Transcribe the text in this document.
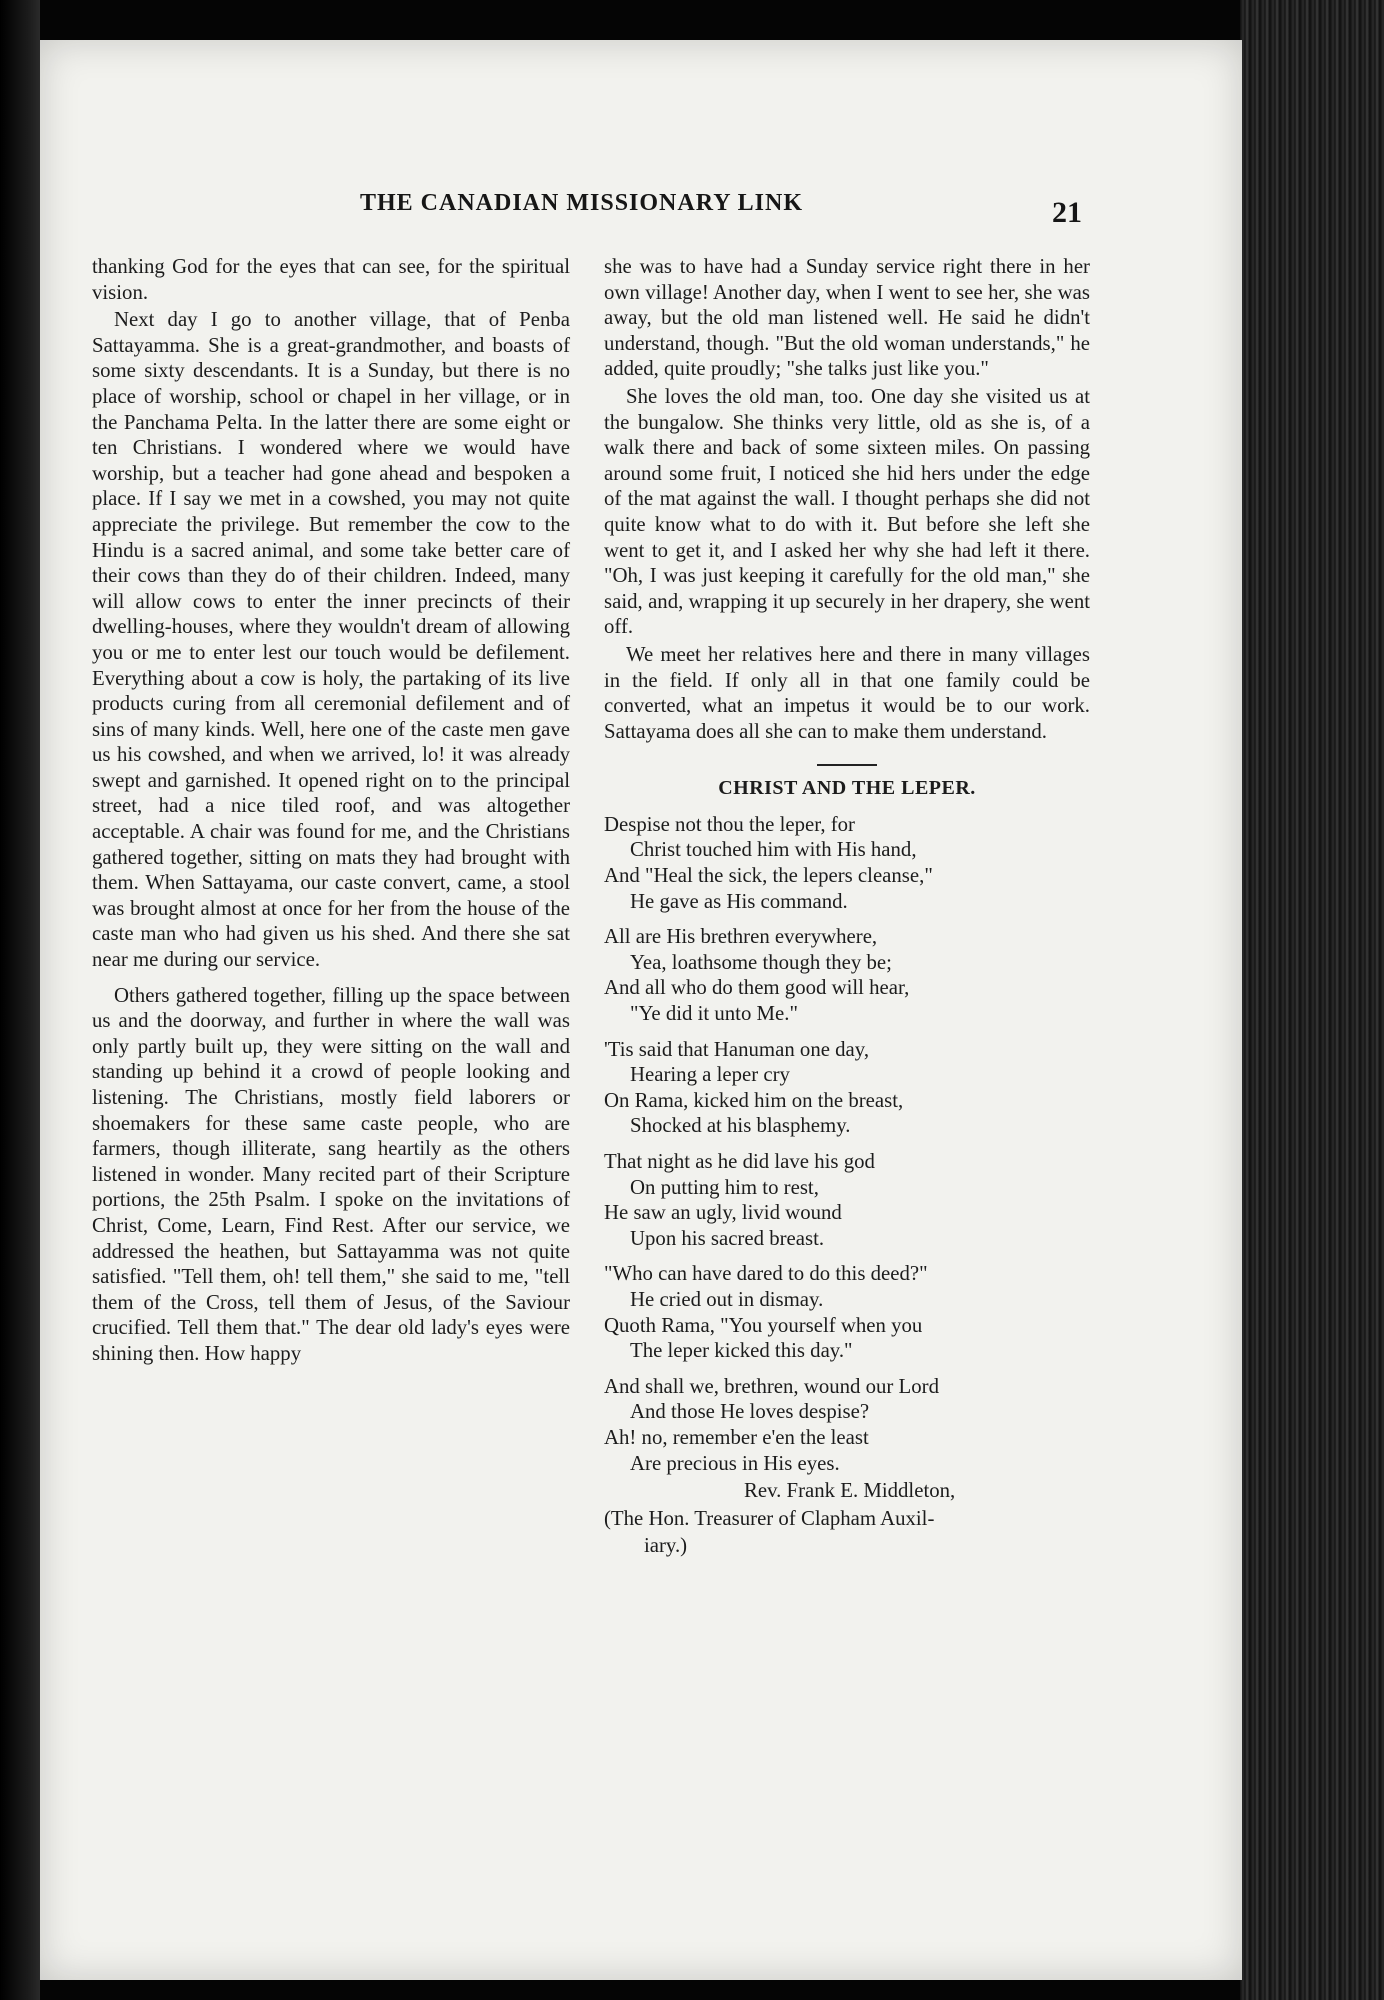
THE CANADIAN MISSIONARY LINK	21

thanking God for the eyes that can see, for the spiritual vision.

Next day I go to another village, that of Penba Sattayamma. She is a great-grandmother, and boasts of some sixty descendants. It is a Sunday, but there is no place of worship, school or chapel in her village, or in the Panchama Pelta. In the latter there are some eight or ten Christians. I wondered where we would have worship, but a teacher had gone ahead and bespoken a place. If I say we met in a cowshed, you may not quite appreciate the privilege. But remember the cow to the Hindu is a sacred animal, and some take better care of their cows than they do of their children. Indeed, many will allow cows to enter the inner precincts of their dwelling-houses, where they wouldn't dream of allowing you or me to enter lest our touch would be defilement. Everything about a cow is holy, the partaking of its live products curing from all ceremonial defilement and of sins of many kinds. Well, here one of the caste men gave us his cowshed, and when we arrived, lo! it was already swept and garnished. It opened right on to the principal street, had a nice tiled roof, and was altogether acceptable. A chair was found for me, and the Christians gathered together, sitting on mats they had brought with them. When Sattayama, our caste convert, came, a stool was brought almost at once for her from the house of the caste man who had given us his shed. And there she sat near me during our service.

Others gathered together, filling up the space between us and the doorway, and further in where the wall was only partly built up, they were sitting on the wall and standing up behind it a crowd of people looking and listening. The Christians, mostly field laborers or shoemakers for these same caste people, who are farmers, though illiterate, sang heartily as the others listened in wonder. Many recited part of their Scripture portions, the 25th Psalm. I spoke on the invitations of Christ, Come, Learn, Find Rest. After our service, we addressed the heathen, but Sattayamma was not quite satisfied. "Tell them, oh! tell them," she said to me, "tell them of the Cross, tell them of Jesus, of the Saviour crucified. Tell them that." The dear old lady's eyes were shining then. How happy

she was to have had a Sunday service right there in her own village! Another day, when I went to see her, she was away, but the old man listened well. He said he didn't understand, though. "But the old woman understands," he added, quite proudly; "she talks just like you."

She loves the old man, too. One day she visited us at the bungalow. She thinks very little, old as she is, of a walk there and back of some sixteen miles. On passing around some fruit, I noticed she hid hers under the edge of the mat against the wall. I thought perhaps she did not quite know what to do with it. But before she left she went to get it, and I asked her why she had left it there. "Oh, I was just keeping it carefully for the old man," she said, and, wrapping it up securely in her drapery, she went off.

We meet her relatives here and there in many villages in the field. If only all in that one family could be converted, what an impetus it would be to our work. Sattayama does all she can to make them understand.

CHRIST AND THE LEPER.
Despise not thou the leper, for
Christ touched him with His hand,
And "Heal the sick, the lepers cleanse,"
He gave as His command.
All are His brethren everywhere,
Yea, loathsome though they be;
And all who do them good will hear,
"Ye did it unto Me."
'Tis said that Hanuman one day,
Hearing a leper cry
On Rama, kicked him on the breast,
Shocked at his blasphemy.
That night as he did lave his god
On putting him to rest,
He saw an ugly, livid wound
Upon his sacred breast.
"Who can have dared to do this deed?"
He cried out in dismay.
Quoth Rama, "You yourself when you
The leper kicked this day."
And shall we, brethren, wound our Lord
And those He loves despise?
Ah! no, remember e'en the least
Are precious in His eyes.
Rev. Frank E. Middleton,
(The Hon. Treasurer of Clapham Auxil-
iary.)
